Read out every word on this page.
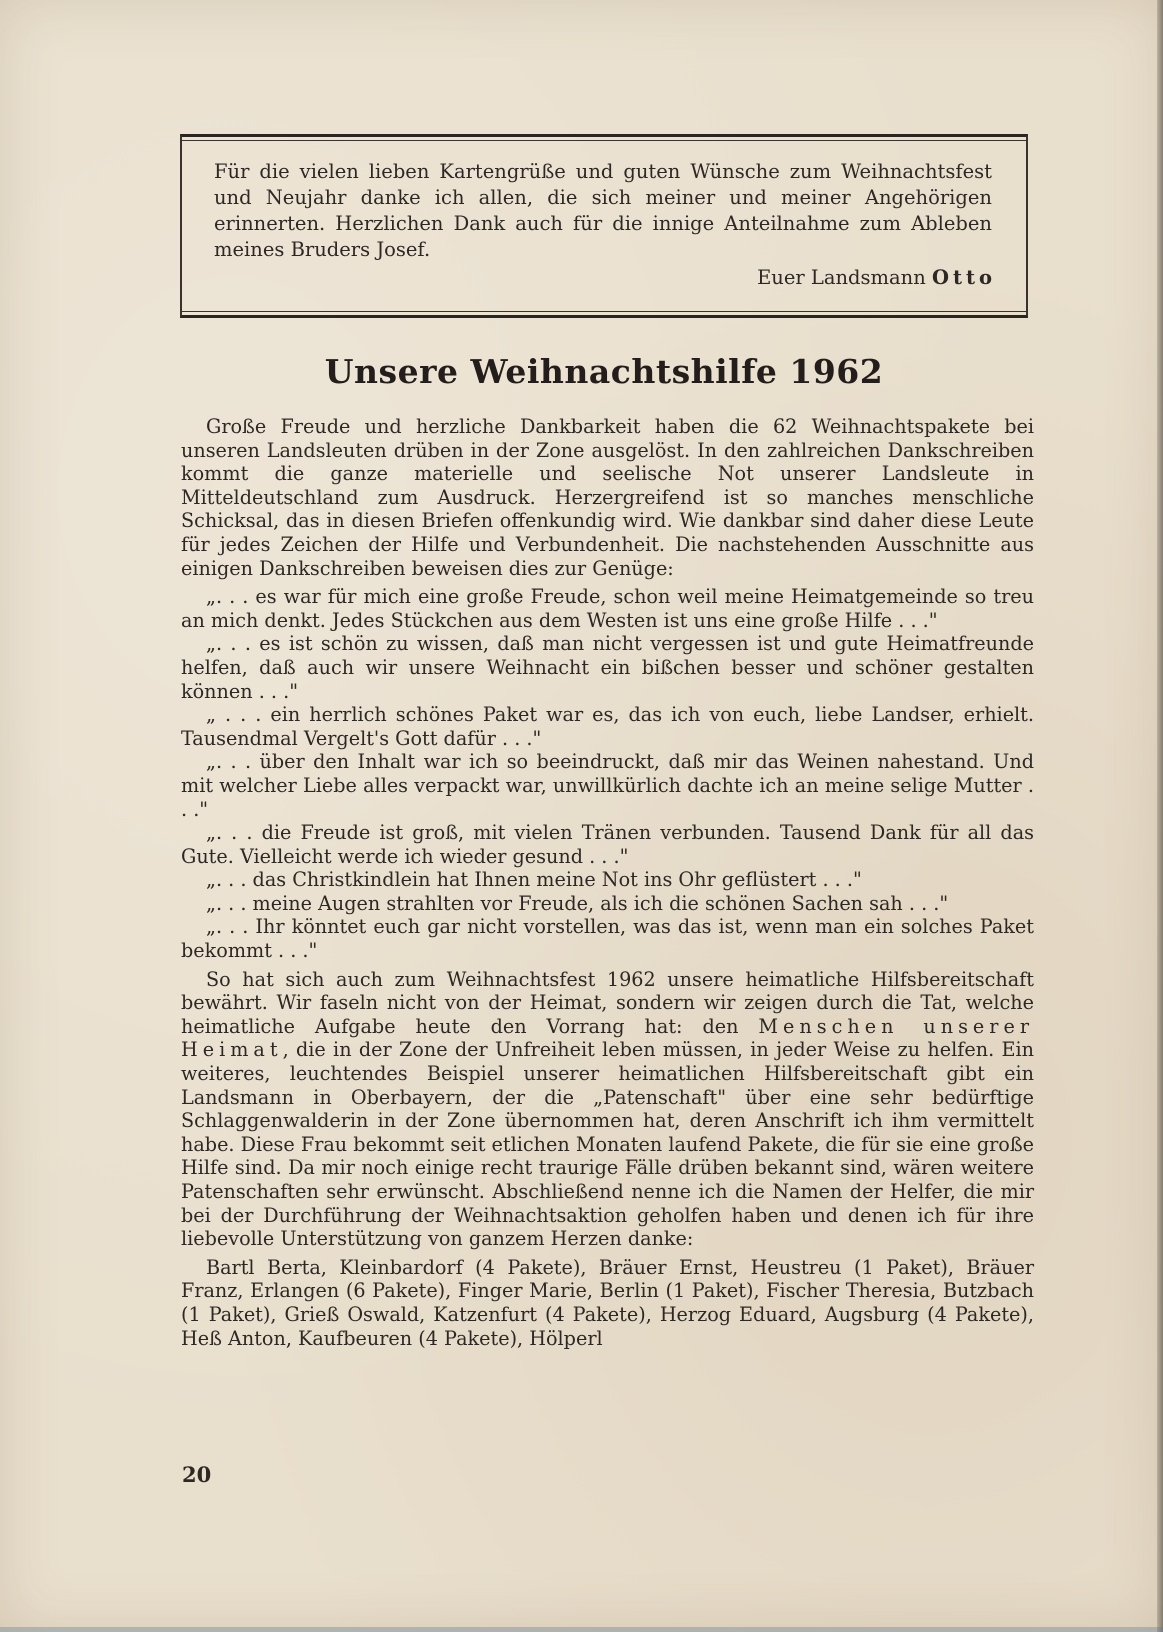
Für die vielen lieben Kartengrüße und guten Wünsche zum Weihnachtsfest und Neujahr danke ich allen, die sich meiner und meiner Angehörigen erinnerten. Herzlichen Dank auch für die innige Anteilnahme zum Ableben meines Bruders Josef.

Euer Landsmann Otto
Unsere Weihnachtshilfe 1962

Große Freude und herzliche Dankbarkeit haben die 62 Weihnachtspakete bei unseren Landsleuten drüben in der Zone ausgelöst. In den zahlreichen Dankschreiben kommt die ganze materielle und seelische Not unserer Landsleute in Mitteldeutschland zum Ausdruck. Herzergreifend ist so manches menschliche Schicksal, das in diesen Briefen offenkundig wird. Wie dankbar sind daher diese Leute für jedes Zeichen der Hilfe und Verbundenheit. Die nachstehenden Ausschnitte aus einigen Dankschreiben beweisen dies zur Genüge:

„. . . es war für mich eine große Freude, schon weil meine Heimatgemeinde so treu an mich denkt. Jedes Stückchen aus dem Westen ist uns eine große Hilfe . . ."

„. . . es ist schön zu wissen, daß man nicht vergessen ist und gute Heimatfreunde helfen, daß auch wir unsere Weihnacht ein bißchen besser und schöner gestalten können . . ."

„ . . . ein herrlich schönes Paket war es, das ich von euch, liebe Landser, erhielt. Tausendmal Vergelt's Gott dafür . . ."

„. . . über den Inhalt war ich so beeindruckt, daß mir das Weinen nahestand. Und mit welcher Liebe alles verpackt war, unwillkürlich dachte ich an meine selige Mutter . . ."

„. . . die Freude ist groß, mit vielen Tränen verbunden. Tausend Dank für all das Gute. Vielleicht werde ich wieder gesund . . ."

„. . . das Christkindlein hat Ihnen meine Not ins Ohr geflüstert . . ."

„. . . meine Augen strahlten vor Freude, als ich die schönen Sachen sah . . ."

„. . . Ihr könntet euch gar nicht vorstellen, was das ist, wenn man ein solches Paket bekommt . . ."

So hat sich auch zum Weihnachtsfest 1962 unsere heimatliche Hilfsbereitschaft bewährt. Wir faseln nicht von der Heimat, sondern wir zeigen durch die Tat, welche heimatliche Aufgabe heute den Vorrang hat: den Menschen unserer Heimat, die in der Zone der Unfreiheit leben müssen, in jeder Weise zu helfen. Ein weiteres, leuchtendes Beispiel unserer heimatlichen Hilfsbereitschaft gibt ein Landsmann in Oberbayern, der die „Patenschaft" über eine sehr bedürftige Schlaggenwalderin in der Zone übernommen hat, deren Anschrift ich ihm vermittelt habe. Diese Frau bekommt seit etlichen Monaten laufend Pakete, die für sie eine große Hilfe sind. Da mir noch einige recht traurige Fälle drüben bekannt sind, wären weitere Patenschaften sehr erwünscht. Abschließend nenne ich die Namen der Helfer, die mir bei der Durchführung der Weihnachtsaktion geholfen haben und denen ich für ihre liebevolle Unterstützung von ganzem Herzen danke:

Bartl Berta, Kleinbardorf (4 Pakete), Bräuer Ernst, Heustreu (1 Paket), Bräuer Franz, Erlangen (6 Pakete), Finger Marie, Berlin (1 Paket), Fischer Theresia, Butzbach (1 Paket), Grieß Oswald, Katzenfurt (4 Pakete), Herzog Eduard, Augsburg (4 Pakete), Heß Anton, Kaufbeuren (4 Pakete), Hölperl

20
